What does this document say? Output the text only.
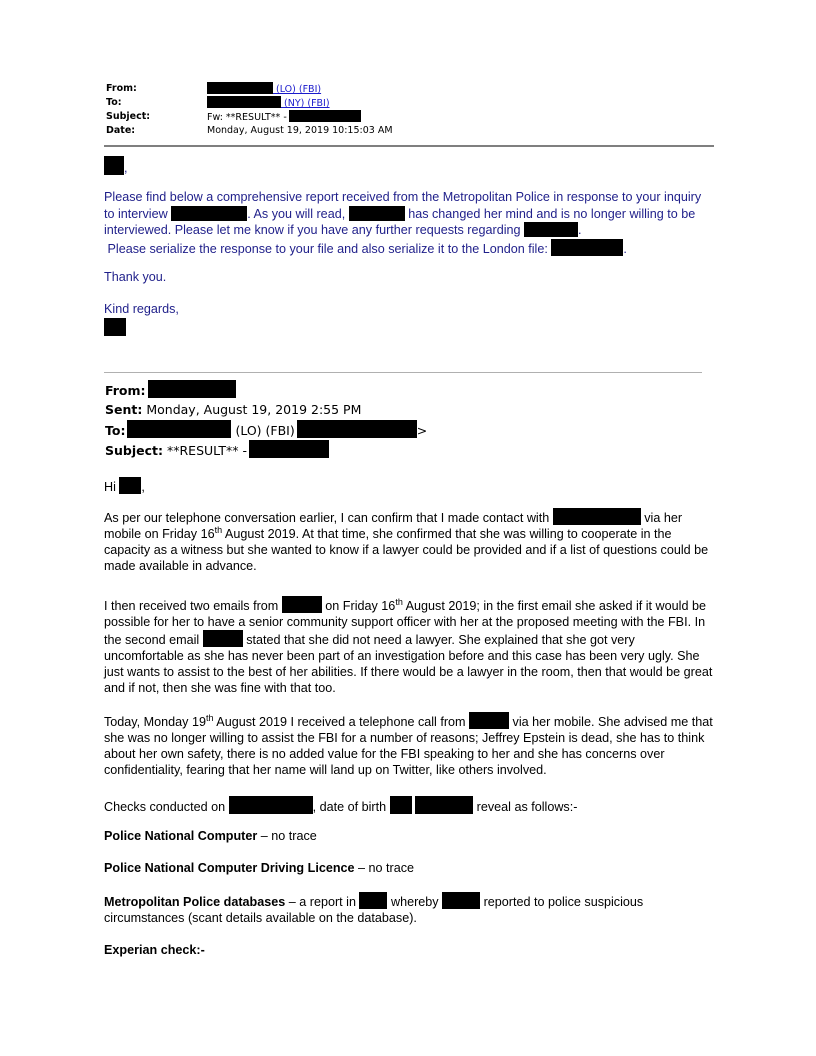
From:	(LO) (FBI)
To:	(NY) (FBI)
Subject:	Fw: **RESULT** -
Date:	Monday, August 19, 2019 10:15:03 AM
,
Please find below a comprehensive report received from the Metropolitan Police in response to your inquiry to interview	. As you will read,	has changed her mind and is no longer willing to be interviewed. Please let me know if you have any further requests regarding	.
Please serialize the response to your file and also serialize it to the London file:	.
Thank you.
Kind regards,
From:
Sent: Monday, August 19, 2019 2:55 PM
To:	(LO) (FBI)	>
Subject: **RESULT** -
Hi ,
As per our telephone conversation earlier, I can confirm that I made contact with	via her mobile on Friday 16th August 2019. At that time, she confirmed that she was willing to cooperate in the capacity as a witness but she wanted to know if a lawyer could be provided and if a list of questions could be made available in advance.
I then received two emails from	on Friday 16th August 2019; in the first email she asked if it would be possible for her to have a senior community support officer with her at the proposed meeting with the FBI. In the second email	stated that she did not need a lawyer. She explained that she got very uncomfortable as she has never been part of an investigation before and this case has been very ugly. She just wants to assist to the best of her abilities. If there would be a lawyer in the room, then that would be great and if not, then she was fine with that too.
Today, Monday 19th August 2019 I received a telephone call from	via her mobile. She advised me that she was no longer willing to assist the FBI for a number of reasons; Jeffrey Epstein is dead, she has to think about her own safety, there is no added value for the FBI speaking to her and she has concerns over confidentiality, fearing that her name will land up on Twitter, like others involved.
Checks conducted on	, date of birth	reveal as follows:-
Police National Computer – no trace
Police National Computer Driving Licence – no trace
Metropolitan Police databases – a report in  whereby	reported to police suspicious circumstances (scant details available on the database).
Experian check:-
